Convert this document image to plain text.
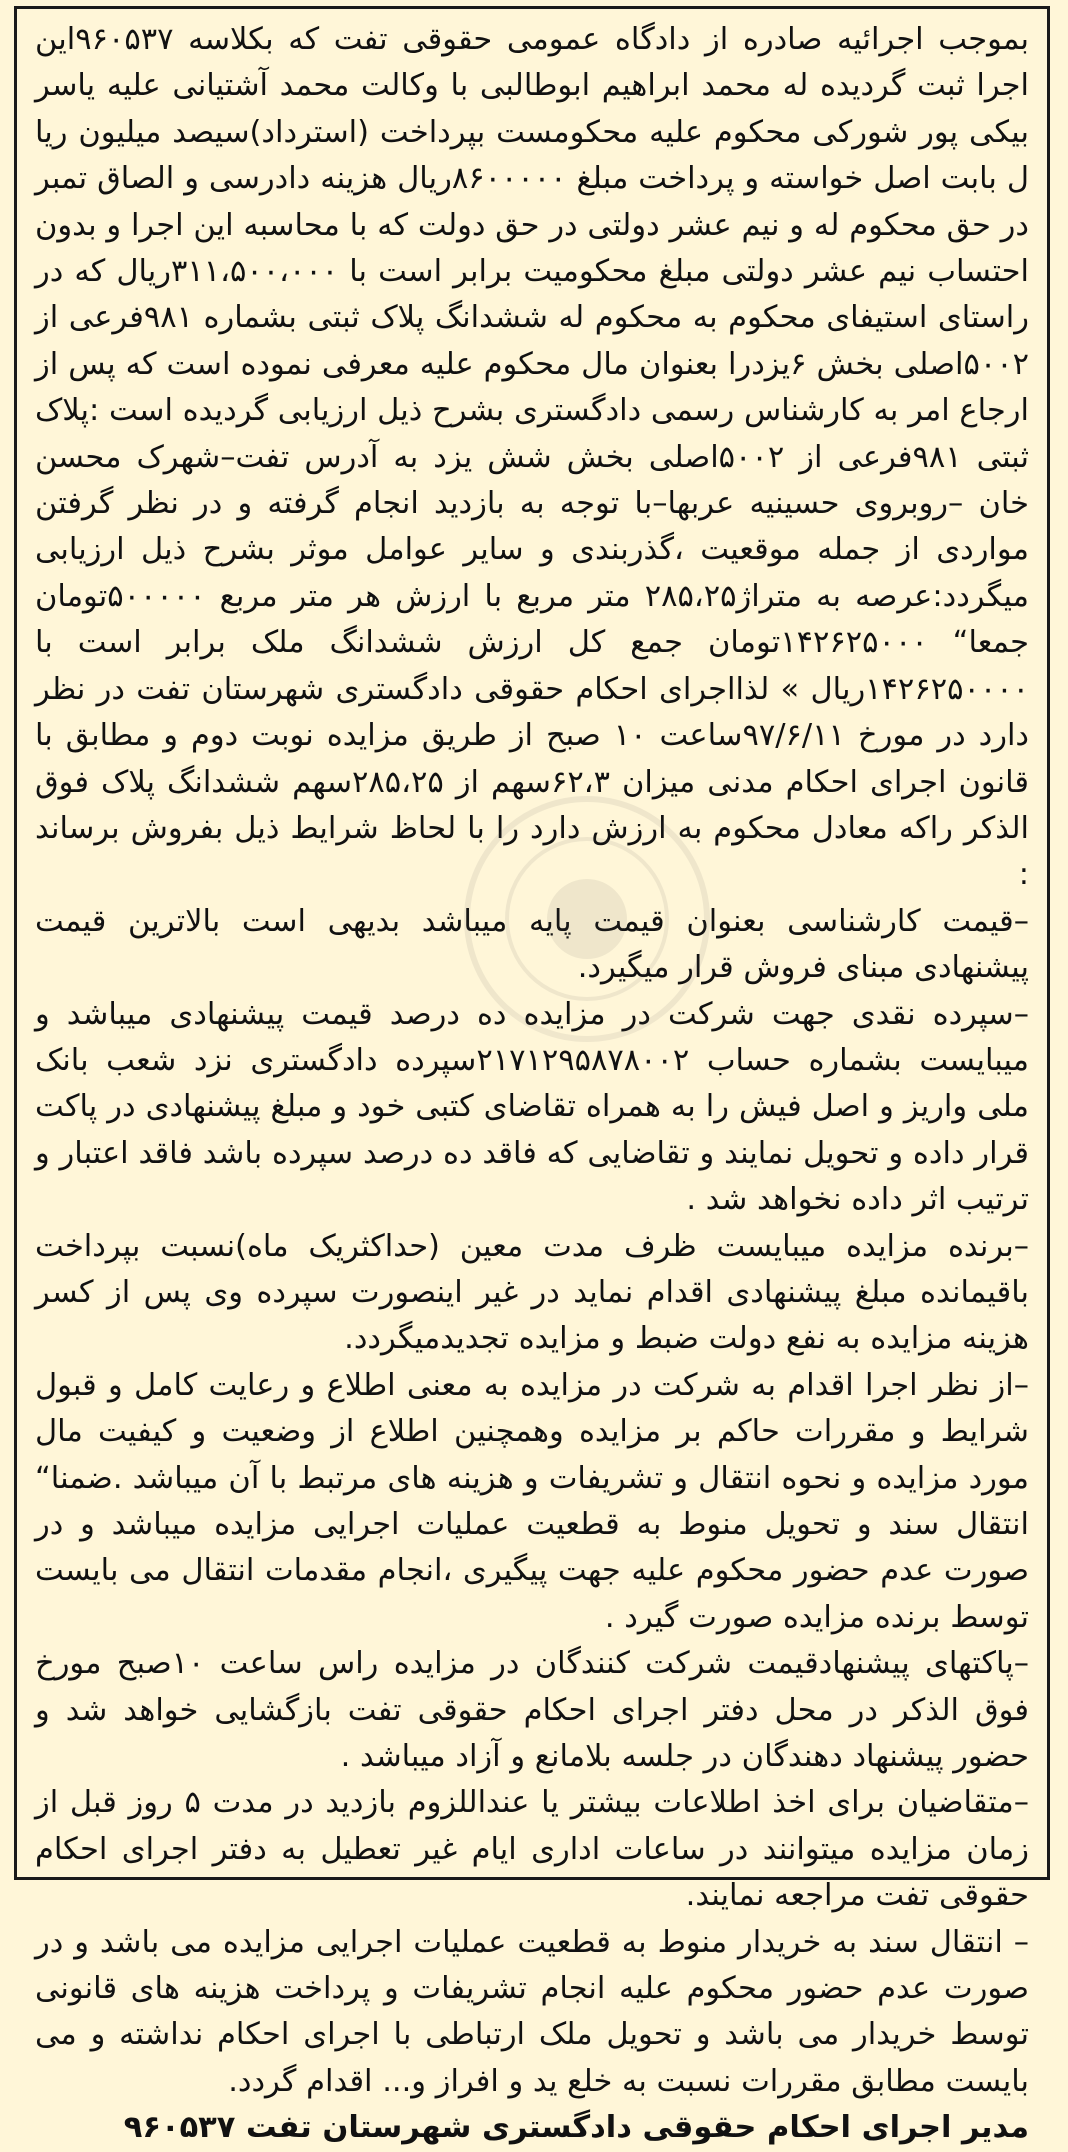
بموجب اجرائیه صادره از دادگاه عمومی حقوقی تفت که بکلاسه ۹۶۰۵۳۷این اجرا ثبت گردیده له محمد ابراهیم ابوطالبی با وکالت محمد آشتیانی علیه یاسر بیکی پور شورکی محکوم علیه محکومست بپرداخت (استرداد)سیصد میلیون ریا ل بابت اصل خواسته و پرداخت مبلغ ۸۶۰۰۰۰۰ریال هزینه دادرسی و الصاق تمبر در حق محکوم له و نیم عشر دولتی در حق دولت که با محاسبه این اجرا و بدون احتساب نیم عشر دولتی مبلغ محکومیت برابر است با ۳۱۱،۵۰۰،۰۰۰ریال که در راستای استیفای محکوم به محکوم له ششدانگ پلاک ثبتی بشماره ۹۸۱فرعی از ۵۰۰۲اصلی بخش ۶یزدرا بعنوان مال محکوم علیه معرفی نموده است که پس از ارجاع امر به کارشناس رسمی دادگستری بشرح ذیل ارزیابی گردیده است :پلاک ثبتی ۹۸۱فرعی از ۵۰۰۲اصلی بخش شش یزد به آدرس تفت–شهرک محسن خان –روبروی حسینیه عربها–با توجه به بازدید انجام گرفته و در نظر گرفتن مواردی از جمله موقعیت ،گذربندی و سایر عوامل موثر بشرح ذیل ارزیابی میگردد:عرصه به متراژ۲۸۵،۲۵ متر مربع با ارزش هر متر مربع ۵۰۰۰۰۰تومان جمعا“ ۱۴۲۶۲۵۰۰۰تومان جمع کل ارزش ششدانگ ملک برابر است با ۱۴۲۶۲۵۰۰۰۰ریال » لذااجرای احکام حقوقی دادگستری شهرستان تفت در نظر دارد در مورخ ۹۷/۶/۱۱ساعت ۱۰ صبح از طریق مزایده نوبت دوم و مطابق با قانون اجرای احکام مدنی میزان ۶۲،۳سهم از ۲۸۵،۲۵سهم ششدانگ پلاک فوق الذکر راکه معادل محکوم به ارزش دارد را با لحاظ شرایط ذیل بفروش برساند :

–قیمت کارشناسی بعنوان قیمت پایه میباشد بدیهی است بالاترین قیمت پیشنهادی مبنای فروش قرار میگیرد.

–سپرده نقدی جهت شرکت در مزایده ده درصد قیمت پیشنهادی میباشد و میبایست بشماره حساب ۲۱۷۱۲۹۵۸۷۸۰۰۲سپرده دادگستری نزد شعب بانک ملی واریز و اصل فیش را به همراه تقاضای کتبی خود و مبلغ پیشنهادی در پاکت قرار داده و تحویل نمایند و تقاضایی که فاقد ده درصد سپرده باشد فاقد اعتبار و ترتیب اثر داده نخواهد شد .

–برنده مزایده میبایست ظرف مدت معین (حداکثریک ماه)نسبت بپرداخت باقیمانده مبلغ پیشنهادی اقدام نماید در غیر اینصورت سپرده وی پس از کسر هزینه مزایده به نفع دولت ضبط و مزایده تجدیدمیگردد.

–از نظر اجرا اقدام به شرکت در مزایده به معنی اطلاع و رعایت کامل و قبول شرایط و مقررات حاکم بر مزایده وهمچنین اطلاع از وضعیت و کیفیت مال مورد مزایده و نحوه انتقال و تشریفات و هزینه های مرتبط با آن میباشد .ضمنا“ انتقال سند و تحویل منوط به قطعیت عملیات اجرایی مزایده میباشد و در صورت عدم حضور محکوم علیه جهت پیگیری ،انجام مقدمات انتقال می بایست توسط برنده مزایده صورت گیرد .

–پاکتهای پیشنهادقیمت شرکت کنندگان در مزایده راس ساعت ۱۰صبح مورخ فوق الذکر در محل دفتر اجرای احکام حقوقی تفت بازگشایی خواهد شد و حضور پیشنهاد دهندگان در جلسه بلامانع و آزاد میباشد .

–متقاضیان برای اخذ اطلاعات بیشتر یا عنداللزوم بازدید در مدت ۵ روز قبل از زمان مزایده میتوانند در ساعات اداری ایام غیر تعطیل به دفتر اجرای احکام حقوقی تفت مراجعه نمایند.

– انتقال سند به خریدار منوط به قطعیت عملیات اجرایی مزایده می باشد و در صورت عدم حضور محکوم علیه انجام تشریفات و پرداخت هزینه های قانونی توسط خریدار می باشد و تحویل ملک ارتباطی با اجرای احکام نداشته و می بایست مطابق مقررات نسبت به خلع ید و افراز و... اقدام گردد.

مدیر اجرای احکام حقوقی دادگستری شهرستان تفت ۹۶۰۵۳۷
